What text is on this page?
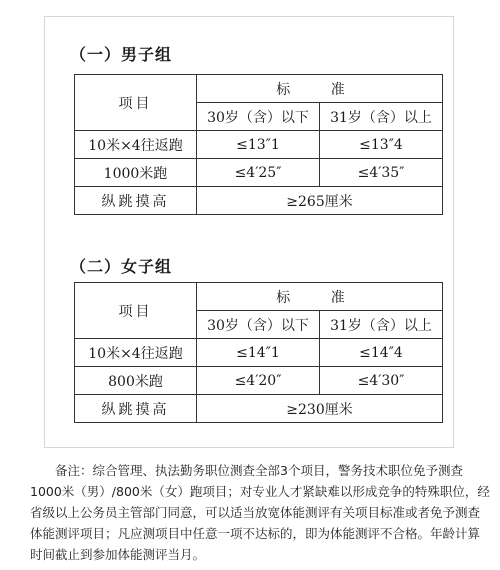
（一）男子组
项目	标 准	
	30岁（含）以下	31岁（含）以上
10米×4往返跑	≤13″1	≤13″4
1000米跑	≤4′25″	≤4′35″
纵跳摸高	≥265厘米	
（二）女子组
项目	标 准	
	30岁（含）以下	31岁（含）以上
10米×4往返跑	≤14″1	≤14″4
800米跑	≤4′20″	≤4′30″
纵跳摸高	≥230厘米	
备注：综合管理、执法勤务职位测查全部3个项目，警务技术职位免予测查1000米（男）/800米（女）跑项目；对专业人才紧缺难以形成竞争的特殊职位，经省级以上公务员主管部门同意，可以适当放宽体能测评有关项目标准或者免予测查体能测评项目；凡应测项目中任意一项不达标的，即为体能测评不合格。年龄计算时间截止到参加体能测评当月。
